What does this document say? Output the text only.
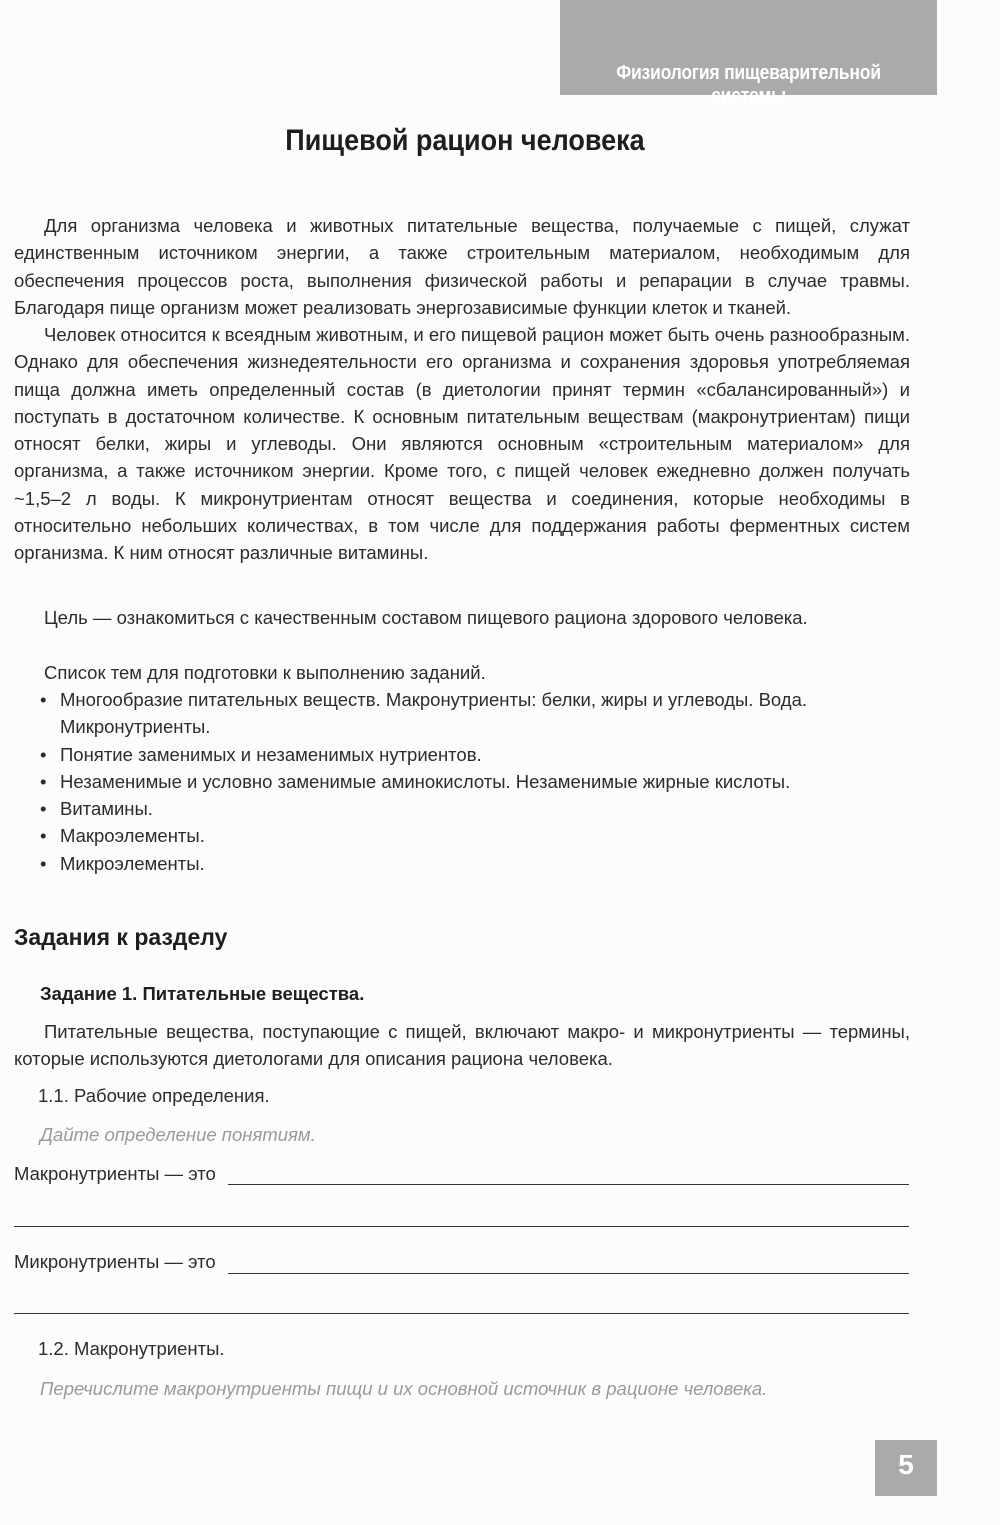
Физиология пищеварительной системы
Пищевой рацион человека

Для организма человека и животных питательные вещества, получаемые с пищей, служат единственным источником энергии, а также строительным материалом, необходимым для обеспечения процессов роста, выполнения физической работы и репарации в случае травмы. Благодаря пище организм может реализовать энергозависимые функции клеток и тканей.

Человек относится к всеядным животным, и его пищевой рацион может быть очень разнообразным. Однако для обеспечения жизнедеятельности его организма и сохранения здоровья употребляемая пища должна иметь определенный состав (в диетологии принят термин «сбалансированный») и поступать в достаточном количестве. К основным питательным веществам (макронутриентам) пищи относят белки, жиры и углеводы. Они являются основным «строительным материалом» для организма, а также источником энергии. Кроме того, с пищей человек ежедневно должен получать ~1,5–2 л воды. К микронутриентам относят вещества и соединения, которые необходимы в относительно небольших количествах, в том числе для поддержания работы ферментных систем организма. К ним относят различные витамины.

Цель — ознакомиться с качественным составом пищевого рациона здорового человека.

Список тем для подготовки к выполнению заданий.

• Многообразие питательных веществ. Макронутриенты: белки, жиры и углеводы. Вода. Микронутриенты.
• Понятие заменимых и незаменимых нутриентов.
• Незаменимые и условно заменимые аминокислоты. Незаменимые жирные кислоты.
• Витамины.
• Макроэлементы.
• Микроэлементы.
Задания к разделу
Задание 1. Питательные вещества.

Питательные вещества, поступающие с пищей, включают макро- и микронутриенты — термины, которые используются диетологами для описания рациона человека.

1.1. Рабочие определения.

Дайте определение понятиям.

Макронутриенты — это

Микронутриенты — это

1.2. Макронутриенты.

Перечислите макронутриенты пищи и их основной источник в рационе человека.

5
